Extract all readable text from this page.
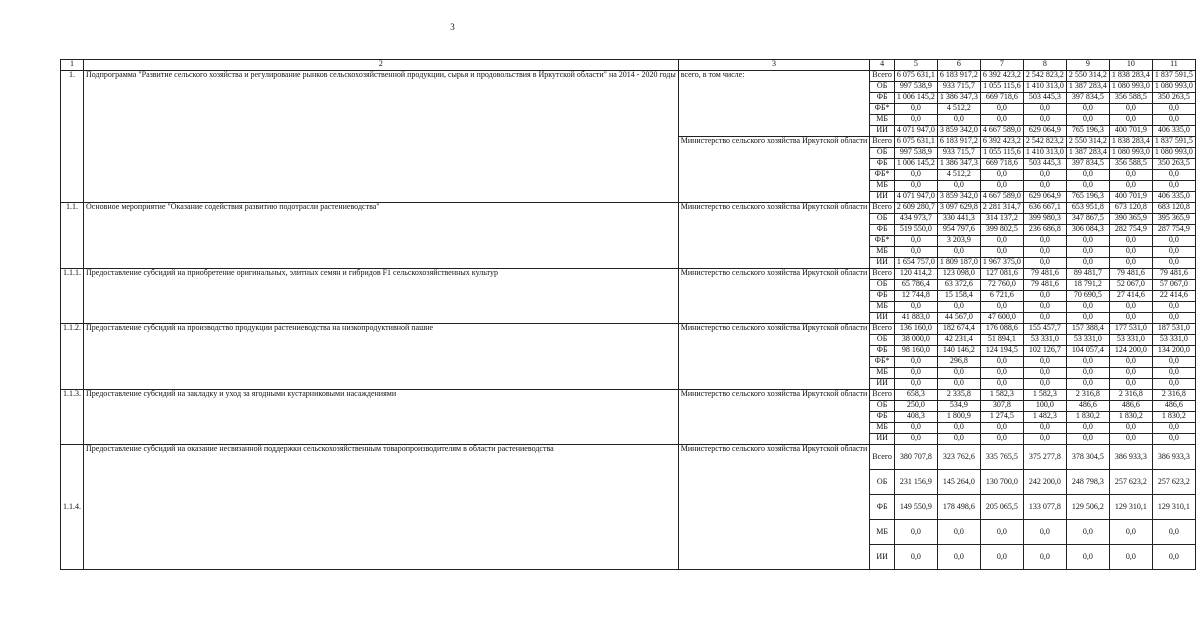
3
1	2	3	4	5	6	7	8	9	10	11
1.	Подпрограмма "Развитие сельского хозяйства и регулирование рынков сельскохозяйственной продукции, сырья и продовольствия в Иркутской области" на 2014 - 2020 годы	всего, в том числе:	Всего	6 075 631,1	6 183 917,2	6 392 423,2	2 542 823,2	2 550 314,2	1 838 283,4	1 837 591,5
			ОБ	997 538,9	933 715,7	1 055 115,6	1 410 313,0	1 387 283,4	1 080 993,0	1 080 993,0
			ФБ	1 006 145,2	1 386 347,3	669 718,6	503 445,3	397 834,5	356 588,5	350 263,5
			ФБ*	0,0	4 512,2	0,0	0,0	0,0	0,0	0,0
			МБ	0,0	0,0	0,0	0,0	0,0	0,0	0,0
			ИИ	4 071 947,0	3 859 342,0	4 667 589,0	629 064,9	765 196,3	400 701,9	406 335,0
		Министерство сельского хозяйства Иркутской области	Всего	6 075 631,1	6 183 917,2	6 392 423,2	2 542 823,2	2 550 314,2	1 838 283,4	1 837 591,5
			ОБ	997 538,9	933 715,7	1 055 115,6	1 410 313,0	1 387 283,4	1 080 993,0	1 080 993,0
			ФБ	1 006 145,2	1 386 347,3	669 718,6	503 445,3	397 834,5	356 588,5	350 263,5
			ФБ*	0,0	4 512,2	0,0	0,0	0,0	0,0	0,0
			МБ	0,0	0,0	0,0	0,0	0,0	0,0	0,0
			ИИ	4 071 947,0	3 859 342,0	4 667 589,0	629 064,9	765 196,3	400 701,9	406 335,0
1.1.	Основное мероприятие "Оказание содействия развитию подотрасли растениеводства"	Министерство сельского хозяйства Иркутской области	Всего	2 609 280,7	3 097 629,8	2 281 314,7	636 667,1	653 951,8	673 120,8	683 120,8
			ОБ	434 973,7	330 441,3	314 137,2	399 980,3	347 867,5	390 365,9	395 365,9
			ФБ	519 550,0	954 797,6	399 802,5	236 686,8	306 084,3	282 754,9	287 754,9
			ФБ*	0,0	3 203,9	0,0	0,0	0,0	0,0	0,0
			МБ	0,0	0,0	0,0	0,0	0,0	0,0	0,0
			ИИ	1 654 757,0	1 809 187,0	1 967 375,0	0,0	0,0	0,0	0,0
1.1.1.	Предоставление субсидий на приобретение оригинальных, элитных семян и гибридов F1 сельскохозяйственных культур	Министерство сельского хозяйства Иркутской области	Всего	120 414,2	123 098,0	127 081,6	79 481,6	89 481,7	79 481,6	79 481,6
			ОБ	65 786,4	63 372,6	72 760,0	79 481,6	18 791,2	52 067,0	57 067,0
			ФБ	12 744,8	15 158,4	6 721,6	0,0	70 690,5	27 414,6	22 414,6
			МБ	0,0	0,0	0,0	0,0	0,0	0,0	0,0
			ИИ	41 883,0	44 567,0	47 600,0	0,0	0,0	0,0	0,0
1.1.2.	Предоставление субсидий на производство продукции растениеводства на низкопродуктивной пашне	Министерство сельского хозяйства Иркутской области	Всего	136 160,0	182 674,4	176 088,6	155 457,7	157 388,4	177 531,0	187 531,0
			ОБ	38 000,0	42 231,4	51 894,1	53 331,0	53 331,0	53 331,0	53 331,0
			ФБ	98 160,0	140 146,2	124 194,5	102 126,7	104 057,4	124 200,0	134 200,0
			ФБ*	0,0	296,8	0,0	0,0	0,0	0,0	0,0
			МБ	0,0	0,0	0,0	0,0	0,0	0,0	0,0
			ИИ	0,0	0,0	0,0	0,0	0,0	0,0	0,0
1.1.3.	Предоставление субсидий на закладку и уход за ягодными кустарниковыми насаждениями	Министерство сельского хозяйства Иркутской области	Всего	658,3	2 335,8	1 582,3	1 582,3	2 316,8	2 316,8	2 316,8
			ОБ	250,0	534,9	307,8	100,0	486,6	486,6	486,6
			ФБ	408,3	1 800,9	1 274,5	1 482,3	1 830,2	1 830,2	1 830,2
			МБ	0,0	0,0	0,0	0,0	0,0	0,0	0,0
			ИИ	0,0	0,0	0,0	0,0	0,0	0,0	0,0
1.1.4.	Предоставление субсидий на оказание несвязанной поддержки сельскохозяйственным товаропроизводителям в области растениеводства	Министерство сельского хозяйства Иркутской области	Всего	380 707,8	323 762,6	335 765,5	375 277,8	378 304,5	386 933,3	386 933,3
			ОБ	231 156,9	145 264,0	130 700,0	242 200,0	248 798,3	257 623,2	257 623,2
			ФБ	149 550,9	178 498,6	205 065,5	133 077,8	129 506,2	129 310,1	129 310,1
			МБ	0,0	0,0	0,0	0,0	0,0	0,0	0,0
			ИИ	0,0	0,0	0,0	0,0	0,0	0,0	0,0
